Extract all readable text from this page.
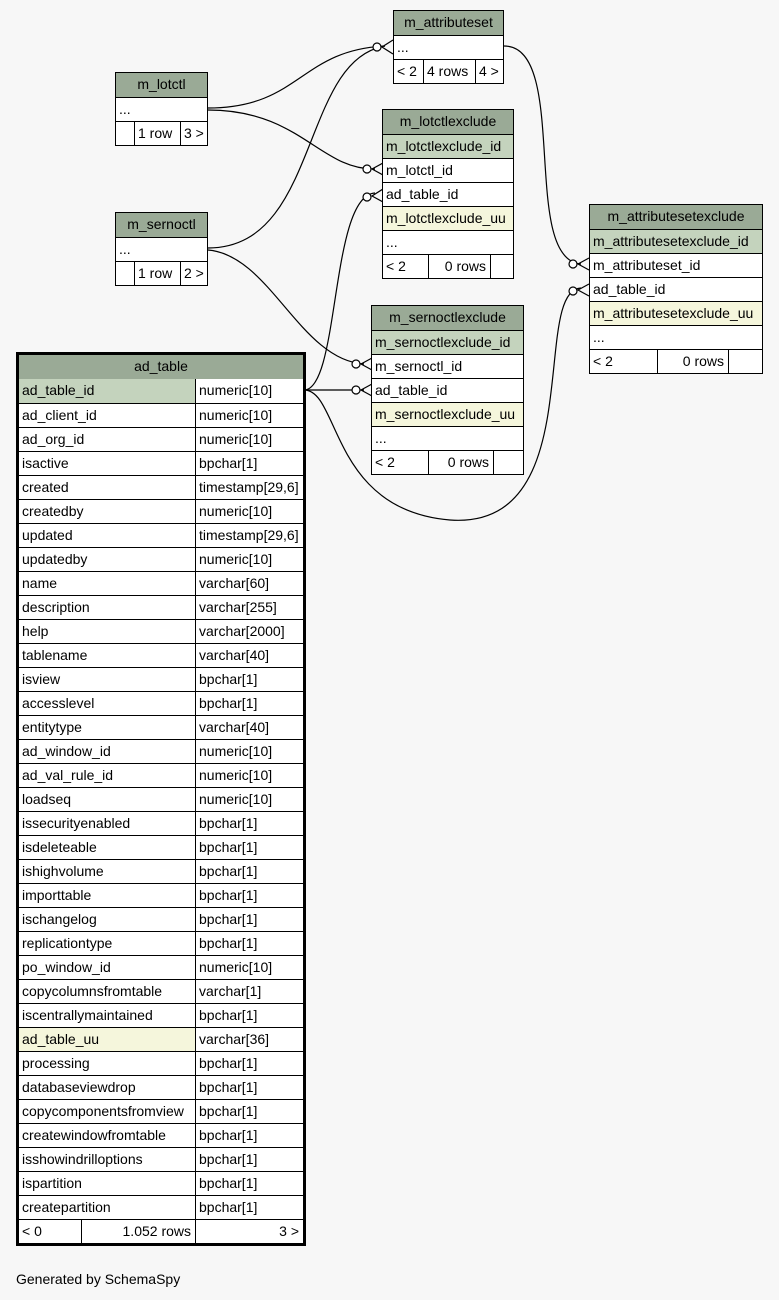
m_attributeset
...
< 2 4 rows 4 >
m_lotctl
...
1 row 3 >
m_sernoctl
...
1 row 2 >
m_lotctlexclude
m_lotctlexclude_id
m_lotctl_id
ad_table_id
m_lotctlexclude_uu
...
< 2	0 rows
m_sernoctlexclude
m_sernoctlexclude_id
m_sernoctl_id
ad_table_id
m_sernoctlexclude_uu
...
< 2	0 rows
m_attributesetexclude
m_attributesetexclude_id
m_attributeset_id
ad_table_id
m_attributesetexclude_uu
...
< 2	0 rows
ad_table
ad_table_id	numeric[10]
ad_client_id	numeric[10]
ad_org_id	numeric[10]
isactive	bpchar[1]
created	timestamp[29,6]
createdby	numeric[10]
updated	timestamp[29,6]
updatedby	numeric[10]
name	varchar[60]
description	varchar[255]
help	varchar[2000]
tablename	varchar[40]
isview	bpchar[1]
accesslevel	bpchar[1]
entitytype	varchar[40]
ad_window_id	numeric[10]
ad_val_rule_id	numeric[10]
loadseq	numeric[10]
issecurityenabled	bpchar[1]
isdeleteable	bpchar[1]
ishighvolume	bpchar[1]
importtable	bpchar[1]
ischangelog	bpchar[1]
replicationtype	bpchar[1]
po_window_id	numeric[10]
copycolumnsfromtable	varchar[1]
iscentrallymaintained	bpchar[1]
ad_table_uu	varchar[36]
processing	bpchar[1]
databaseviewdrop	bpchar[1]
copycomponentsfromview	bpchar[1]
createwindowfromtable	bpchar[1]
isshowindrilloptions	bpchar[1]
ispartition	bpchar[1]
createpartition	bpchar[1]
< 0	1.052 rows	3 >
Generated by SchemaSpy
